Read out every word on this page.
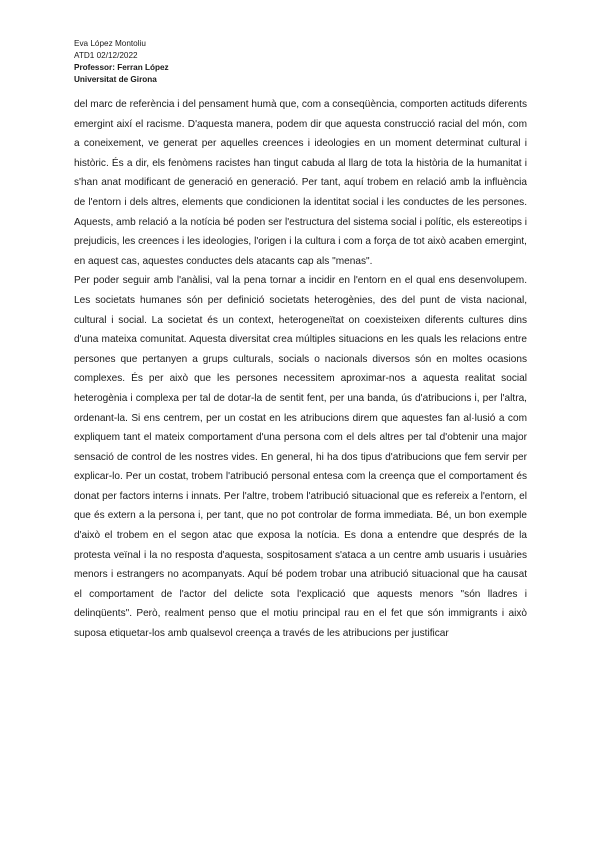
Eva López Montoliu
ATD1 02/12/2022
Professor: Ferran López
Universitat de Girona

del marc de referència i del pensament humà que, com a conseqüència, comporten actituds diferents emergint així el racisme. D'aquesta manera, podem dir que aquesta construcció racial del món, com a coneixement, ve generat per aquelles creences i ideologies en un moment determinat cultural i històric. És a dir, els fenòmens racistes han tingut cabuda al llarg de tota la història de la humanitat i s'han anat modificant de generació en generació. Per tant, aquí trobem en relació amb la influència de l'entorn i dels altres, elements que condicionen la identitat social i les conductes de les persones. Aquests, amb relació a la notícia bé poden ser l'estructura del sistema social i polític, els estereotips i prejudicis, les creences i les ideologies, l'origen i la cultura i com a força de tot això acaben emergint, en aquest cas, aquestes conductes dels atacants cap als "menas".

Per poder seguir amb l'anàlisi, val la pena tornar a incidir en l'entorn en el qual ens desenvolupem. Les societats humanes són per definició societats heterogènies, des del punt de vista nacional, cultural i social. La societat és un context, heterogeneïtat on coexisteixen diferents cultures dins d'una mateixa comunitat. Aquesta diversitat crea múltiples situacions en les quals les relacions entre persones que pertanyen a grups culturals, socials o nacionals diversos són en moltes ocasions complexes. És per això que les persones necessitem aproximar-nos a aquesta realitat social heterogènia i complexa per tal de dotar-la de sentit fent, per una banda, ús d'atribucions i, per l'altra, ordenant-la. Si ens centrem, per un costat en les atribucions direm que aquestes fan al·lusió a com expliquem tant el mateix comportament d'una persona com el dels altres per tal d'obtenir una major sensació de control de les nostres vides. En general, hi ha dos tipus d'atribucions que fem servir per explicar-lo. Per un costat, trobem l'atribució personal entesa com la creença que el comportament és donat per factors interns i innats. Per l'altre, trobem l'atribució situacional que es refereix a l'entorn, el que és extern a la persona i, per tant, que no pot controlar de forma immediata. Bé, un bon exemple d'això el trobem en el segon atac que exposa la notícia. Es dona a entendre que després de la protesta veïnal i la no resposta d'aquesta, sospitosament s'ataca a un centre amb usuaris i usuàries menors i estrangers no acompanyats. Aquí bé podem trobar una atribució situacional que ha causat el comportament de l'actor del delicte sota l'explicació que aquests menors "són lladres i delinqüents". Però, realment penso que el motiu principal rau en el fet que són immigrants i això suposa etiquetar-los amb qualsevol creença a través de les atribucions per justificar
